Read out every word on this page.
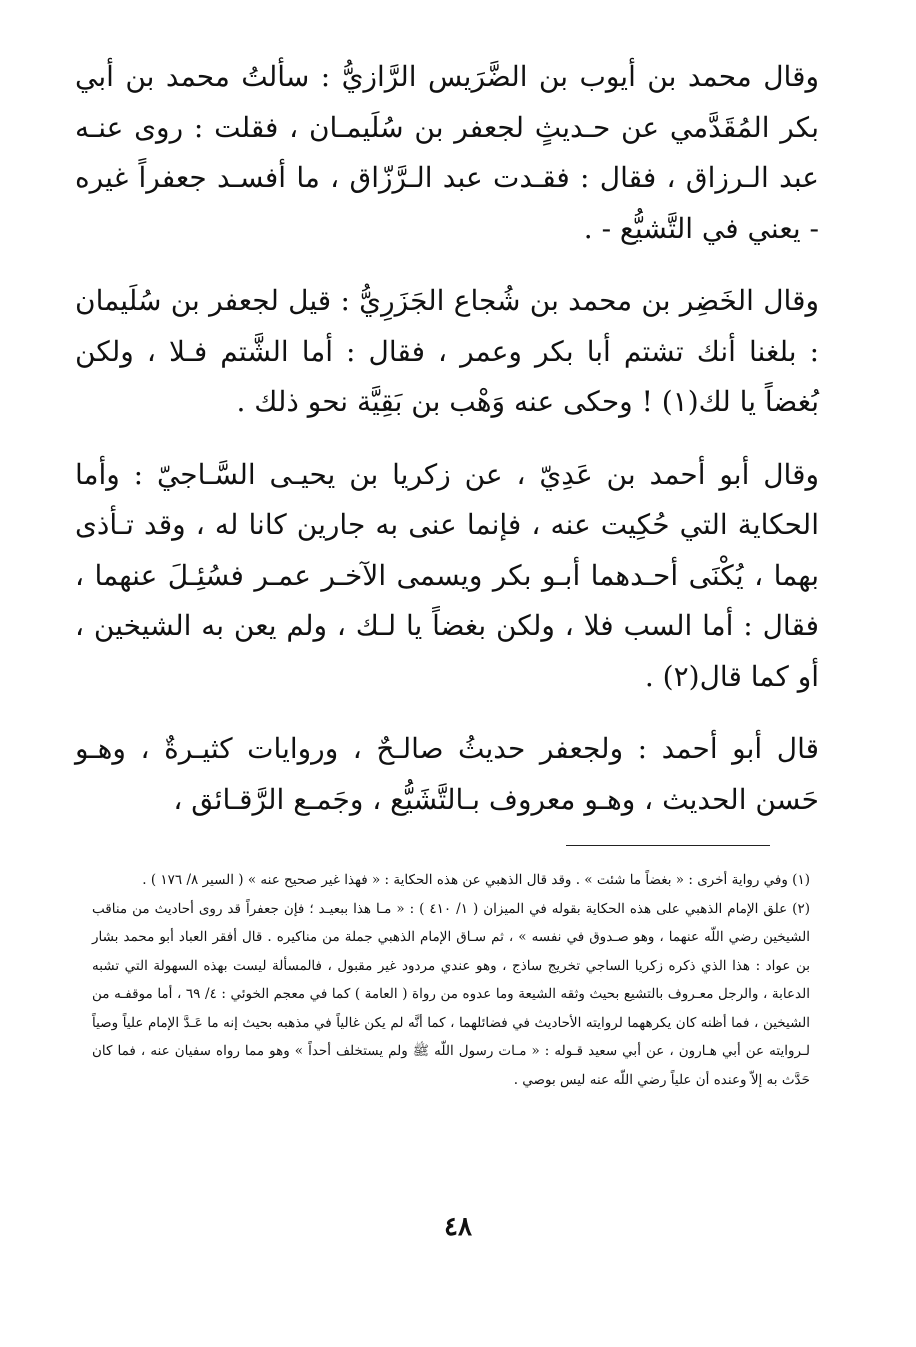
وقال محمد بن أيوب بن الضَّرَيس الرَّازيُّ : سألتُ محمد بن أبي بكر المُقَدَّمي عن حـديثٍ لجعفر بن سُلَيمـان ، فقلت : روى عنـه عبد الـرزاق ، فقال : فقـدت عبد الـرَّزّاق ، ما أفسـد جعفراً غيره - يعني في التَّشيُّع - .

وقال الخَضِر بن محمد بن شُجاع الجَزَرِيُّ : قيل لجعفر بن سُلَيمان : بلغنا أنك تشتم أبا بكر وعمر ، فقال : أما الشَّتم فـلا ، ولكن بُغضاً يا لك(١) ! وحكى عنه وَهْب بن بَقِيَّة نحو ذلك .

وقال أبو أحمد بن عَدِيّ ، عن زكريا بن يحيـى السَّـاجيّ : وأما الحكاية التي حُكِيت عنه ، فإنما عنى به جارين كانا له ، وقد تـأذى بهما ، يُكْنَى أحـدهما أبـو بكر ويسمى الآخـر عمـر فسُئِـلَ عنهما ، فقال : أما السب فلا ، ولكن بغضاً يا لـك ، ولم يعن به الشيخين ، أو كما قال(٢) .

قال أبو أحمد : ولجعفر حديثُ صالـحٌ ، وروايات كثيـرةٌ ، وهـو حَسن الحديث ، وهـو معروف بـالتَّشَيُّع ، وجَمـع الرَّقـائق ،

(١) وفي رواية أخرى : « بغضاً ما شئت » . وقد قال الذهبي عن هذه الحكاية : « فهذا غير صحيح عنه » ( السير ٨/ ١٧٦ ) .

(٢) علق الإمام الذهبي على هذه الحكاية بقوله في الميزان ( ١/ ٤١٠ ) : « مـا هذا ببعيـد ؛ فإن جعفراً قد روى أحاديث من مناقب الشيخين رضي اللّه عنهما ، وهو صـدوق في نفسه » ، ثم سـاق الإمام الذهبي جملة من مناكيره . قال أفقر العباد أبو محمد بشار بن عواد : هذا الذي ذكره زكريا الساجي تخريج ساذج ، وهو عندي مردود غير مقبول ، فالمسألة ليست بهذه السهولة التي تشبه الدعابة ، والرجل معـروف بالتشيع بحيث وثقه الشيعة وما عدوه من رواة ( العامة ) كما في معجم الخوئي : ٤/ ٦٩ ، أما موقفـه من الشيخين ، فما أظنه كان يكرههما لروايته الأحاديث في فضائلهما ، كما أنَّه لم يكن غالياً في مذهبه بحيث إنه ما عَـدَّ الإمام علياً وصياً لـروايته عن أبي هـارون ، عن أبي سعيد قـوله : « مـات رسول اللّه ﷺ ولم يستخلف أحداً » وهو مما رواه سفيان عنه ، فما كان حَدَّث به إلاّ وعنده أن علياً رضي اللّه عنه ليس بوصي .

٤٨
